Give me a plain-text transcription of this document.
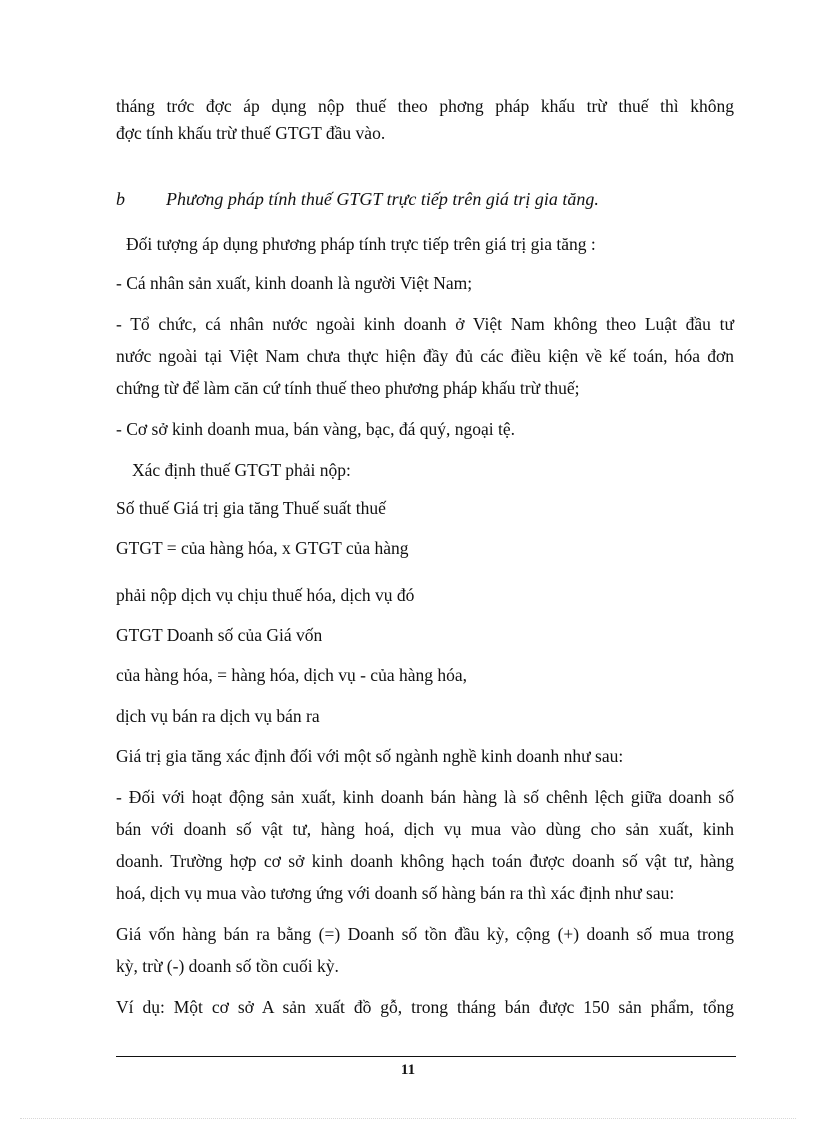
tháng trớc đợc áp dụng nộp thuế theo phơng pháp khấu trừ thuế thì không
đợc tính khấu trừ thuế GTGT đầu vào.
b Phương pháp tính thuế GTGT trực tiếp trên giá trị gia tăng.
Đối tượng áp dụng phương pháp tính trực tiếp trên giá trị gia tăng :
- Cá nhân sản xuất, kinh doanh là người Việt Nam;
- Tổ chức, cá nhân nước ngoài kinh doanh ở Việt Nam không theo Luật đầu tư
nước ngoài tại Việt Nam chưa thực hiện đầy đủ các điều kiện về kế toán, hóa đơn
chứng từ để làm căn cứ tính thuế theo phương pháp khấu trừ thuế;
- Cơ sở kinh doanh mua, bán vàng, bạc, đá quý, ngoại tệ.
Xác định thuế GTGT phải nộp:
Số thuế Giá trị gia tăng Thuế suất thuế
GTGT = của hàng hóa, x GTGT của hàng
phải nộp dịch vụ chịu thuế hóa, dịch vụ đó
GTGT Doanh số của Giá vốn
của hàng hóa, = hàng hóa, dịch vụ - của hàng hóa,
dịch vụ bán ra dịch vụ bán ra
Giá trị gia tăng xác định đối với một số ngành nghề kinh doanh như sau:
- Đối với hoạt động sản xuất, kinh doanh bán hàng là số chênh lệch giữa doanh số
bán với doanh số vật tư, hàng hoá, dịch vụ mua vào dùng cho sản xuất, kinh
doanh. Trường hợp cơ sở kinh doanh không hạch toán được doanh số vật tư, hàng
hoá, dịch vụ mua vào tương ứng với doanh số hàng bán ra thì xác định như sau:
Giá vốn hàng bán ra bằng (=) Doanh số tồn đầu kỳ, cộng (+) doanh số mua trong
kỳ, trừ (-) doanh số tồn cuối kỳ.
Ví dụ: Một cơ sở A sản xuất đồ gỗ, trong tháng bán được 150 sản phẩm, tổng
11
